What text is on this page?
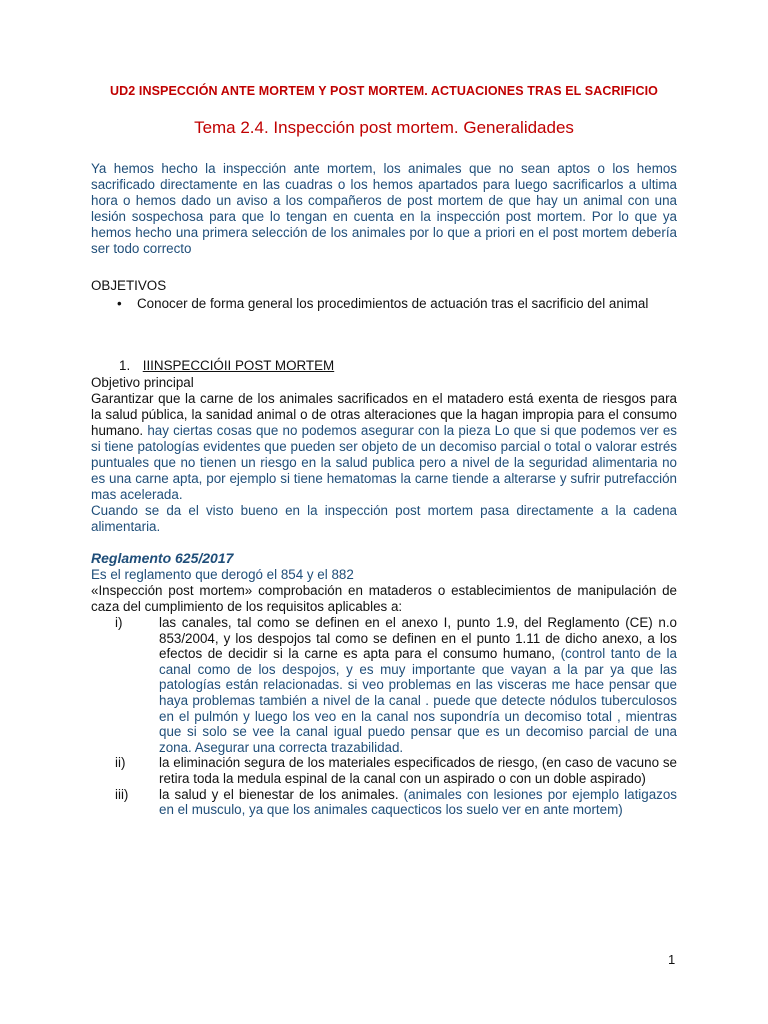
UD2 INSPECCIÓN ANTE MORTEM Y POST MORTEM. ACTUACIONES TRAS EL SACRIFICIO
Tema 2.4. Inspección post mortem. Generalidades
Ya hemos hecho la inspección ante mortem, los animales que no sean aptos o los hemos sacrificado directamente en las cuadras o los hemos apartados para luego sacrificarlos a ultima hora o hemos dado un aviso a los compañeros de post mortem de que hay un animal con una lesión sospechosa para que lo tengan en cuenta en la inspección post mortem. Por lo que ya hemos hecho una primera selección de los animales por lo que a priori en el post mortem debería ser todo correcto
OBJETIVOS
•	Conocer de forma general los procedimientos de actuación tras el sacrificio del animal
1. IIINSPECCIÓII POST MORTEM
Objetivo principal
Garantizar que la carne de los animales sacrificados en el matadero está exenta de riesgos para la salud pública, la sanidad animal o de otras alteraciones que la hagan impropia para el consumo humano. hay ciertas cosas que no podemos asegurar con la pieza Lo que si que podemos ver es si tiene patologías evidentes que pueden ser objeto de un decomiso parcial o total o valorar estrés puntuales que no tienen un riesgo en la salud publica pero a nivel de la seguridad alimentaria no es una carne apta, por ejemplo si tiene hematomas la carne tiende a alterarse y sufrir putrefacción mas acelerada.
Cuando se da el visto bueno en la inspección post mortem pasa directamente a la cadena alimentaria.
Reglamento 625/2017
Es el reglamento que derogó el 854 y el 882
«Inspección post mortem» comprobación en mataderos o establecimientos de manipulación de caza del cumplimiento de los requisitos aplicables a:
i)	las canales, tal como se definen en el anexo I, punto 1.9, del Reglamento (CE) n.o 853/2004, y los despojos tal como se definen en el punto 1.11 de dicho anexo, a los efectos de decidir si la carne es apta para el consumo humano, (control tanto de la canal como de los despojos, y es muy importante que vayan a la par ya que las patologías están relacionadas. si veo problemas en las visceras me hace pensar que haya problemas también a nivel de la canal . puede que detecte nódulos tuberculosos en el pulmón y luego los veo en la canal nos supondría un decomiso total , mientras que si solo se vee la canal igual puedo pensar que es un decomiso parcial de una zona. Asegurar una correcta trazabilidad.
ii)	la eliminación segura de los materiales especificados de riesgo, (en caso de vacuno se retira toda la medula espinal de la canal con un aspirado o con un doble aspirado)
iii)	la salud y el bienestar de los animales. (animales con lesiones por ejemplo latigazos en el musculo, ya que los animales caquecticos los suelo ver en ante mortem)
1
